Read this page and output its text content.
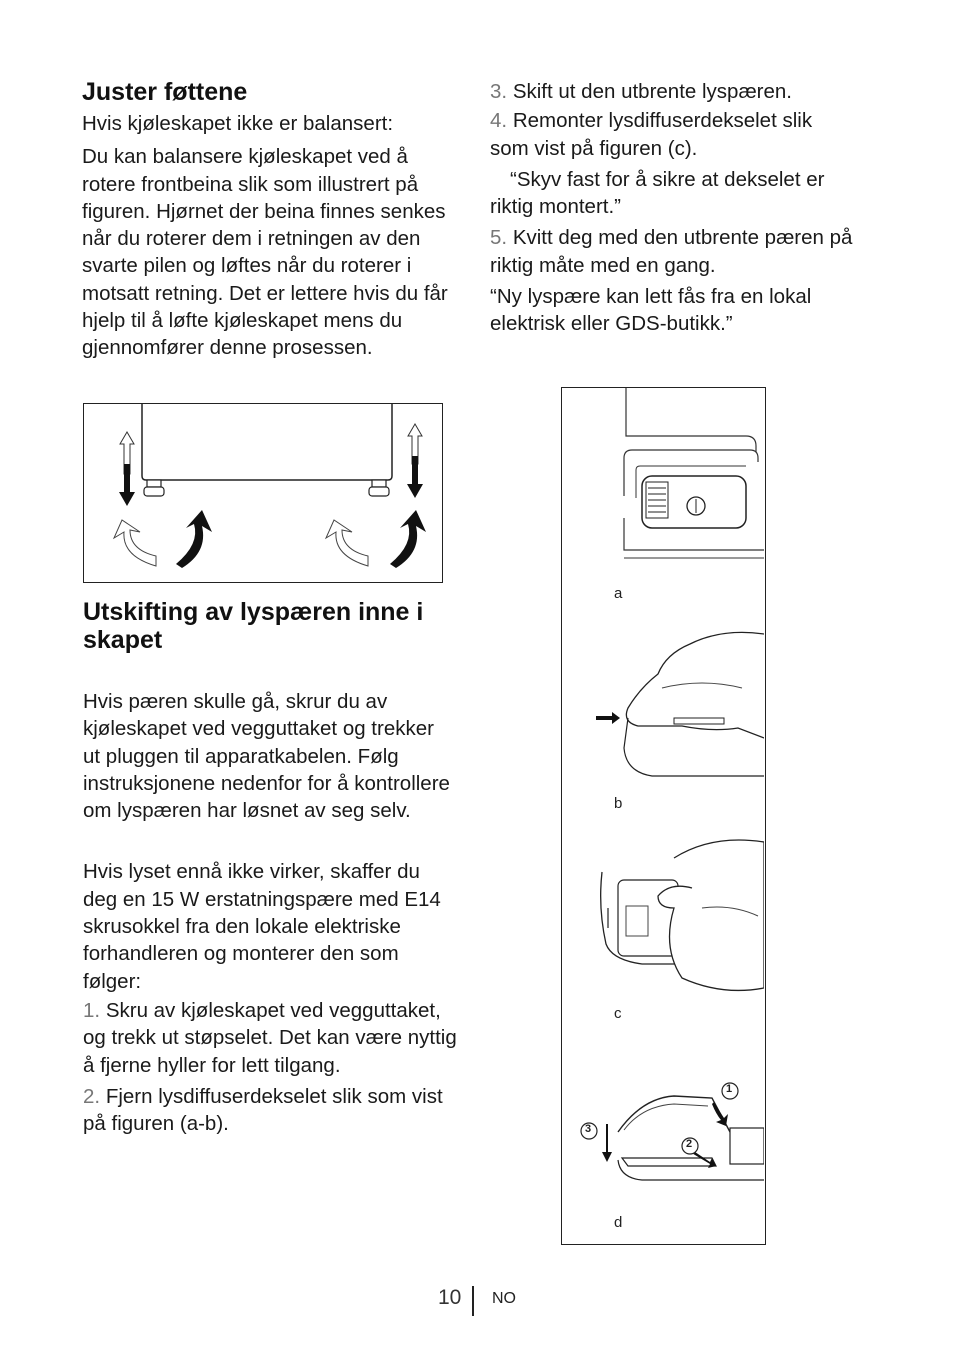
Juster føttene

Hvis kjøleskapet ikke er balansert:

Du kan balansere kjøleskapet ved å rotere frontbeina slik som illustrert på figuren. Hjørnet der beina finnes senkes når du roterer dem i retningen av den svarte pilen og løftes når du roterer i motsatt retning. Det er lettere hvis du får hjelp til å løfte kjøleskapet mens du gjennomfører denne prosessen.

Utskifting av lyspæren inne i skapet

Hvis pæren skulle gå, skrur du av kjøleskapet ved vegguttaket og trekker ut pluggen til apparatkabelen. Følg instruksjonene nedenfor for å kontrollere om lyspæren har løsnet av seg selv.

Hvis lyset ennå ikke virker, skaffer du deg en 15 W erstatningspære med E14 skrusokkel fra den lokale elektriske forhandleren og monterer den som følger:

1. Skru av kjøleskapet ved vegguttaket, og trekk ut støpselet. Det kan være nyttig å fjerne hyller for lett tilgang.

2. Fjern lysdiffuserdekselet slik som vist på figuren (a-b).

3. Skift ut den utbrente lyspæren.

4. Remonter lysdiffuserdekselet slik som vist på figuren (c).

“Skyv fast for å sikre at dekselet er riktig montert.”

5. Kvitt deg med den utbrente pæren på riktig måte med en gang.

“Ny lyspære kan lett fås fra en lokal elektrisk eller GDS-butikk.”

a
b
c
d
1
2
3
10 NO
